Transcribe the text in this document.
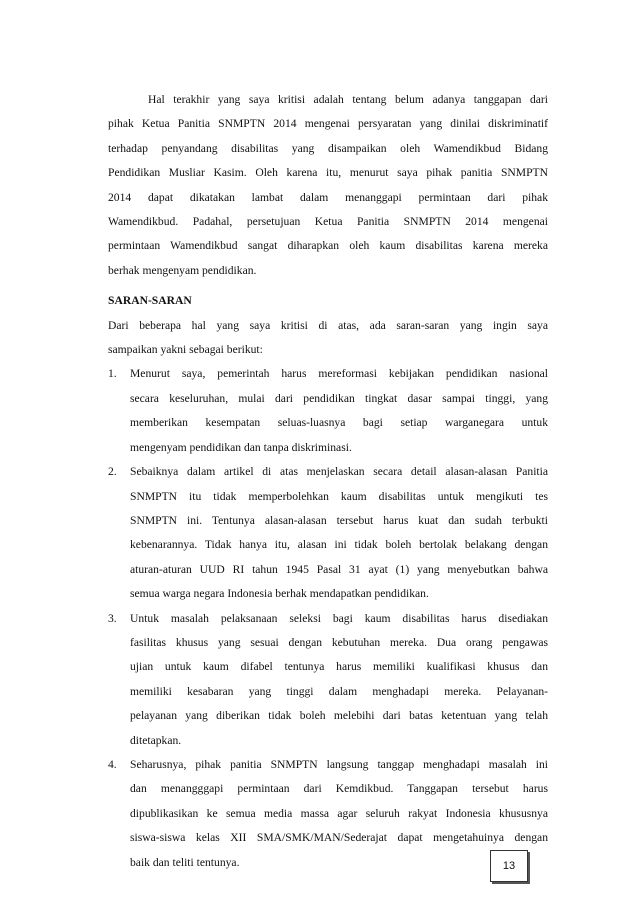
Hal terakhir yang saya kritisi adalah tentang belum adanya tanggapan dari

pihak Ketua Panitia SNMPTN 2014 mengenai persyaratan yang dinilai diskriminatif

terhadap penyandang disabilitas yang disampaikan oleh Wamendikbud Bidang

Pendidikan Musliar Kasim. Oleh karena itu, menurut saya pihak panitia SNMPTN

2014 dapat dikatakan lambat dalam menanggapi permintaan dari pihak

Wamendikbud. Padahal, persetujuan Ketua Panitia SNMPTN 2014 mengenai

permintaan Wamendikbud sangat diharapkan oleh kaum disabilitas karena mereka

berhak mengenyam pendidikan.

SARAN-SARAN

Dari beberapa hal yang saya kritisi di atas, ada saran-saran yang ingin saya

sampaikan yakni sebagai berikut:

1. Menurut saya, pemerintah harus mereformasi kebijakan pendidikan nasional

secara keseluruhan, mulai dari pendidikan tingkat dasar sampai tinggi, yang

memberikan kesempatan seluas-luasnya bagi setiap warganegara untuk

mengenyam pendidikan dan tanpa diskriminasi.

2. Sebaiknya dalam artikel di atas menjelaskan secara detail alasan-alasan Panitia

SNMPTN itu tidak memperbolehkan kaum disabilitas untuk mengikuti tes

SNMPTN ini. Tentunya alasan-alasan tersebut harus kuat dan sudah terbukti

kebenarannya. Tidak hanya itu, alasan ini tidak boleh bertolak belakang dengan

aturan-aturan UUD RI tahun 1945 Pasal 31 ayat (1) yang menyebutkan bahwa

semua warga negara Indonesia berhak mendapatkan pendidikan.

3. Untuk masalah pelaksanaan seleksi bagi kaum disabilitas harus disediakan

fasilitas khusus yang sesuai dengan kebutuhan mereka. Dua orang pengawas

ujian untuk kaum difabel tentunya harus memiliki kualifikasi khusus dan

memiliki kesabaran yang tinggi dalam menghadapi mereka. Pelayanan-

pelayanan yang diberikan tidak boleh melebihi dari batas ketentuan yang telah

ditetapkan.

4. Seharusnya, pihak panitia SNMPTN langsung tanggap menghadapi masalah ini

dan menangggapi permintaan dari Kemdikbud. Tanggapan tersebut harus

dipublikasikan ke semua media massa agar seluruh rakyat Indonesia khususnya

siswa-siswa kelas XII SMA/SMK/MAN/Sederajat dapat mengetahuinya dengan

baik dan teliti tentunya.	13
